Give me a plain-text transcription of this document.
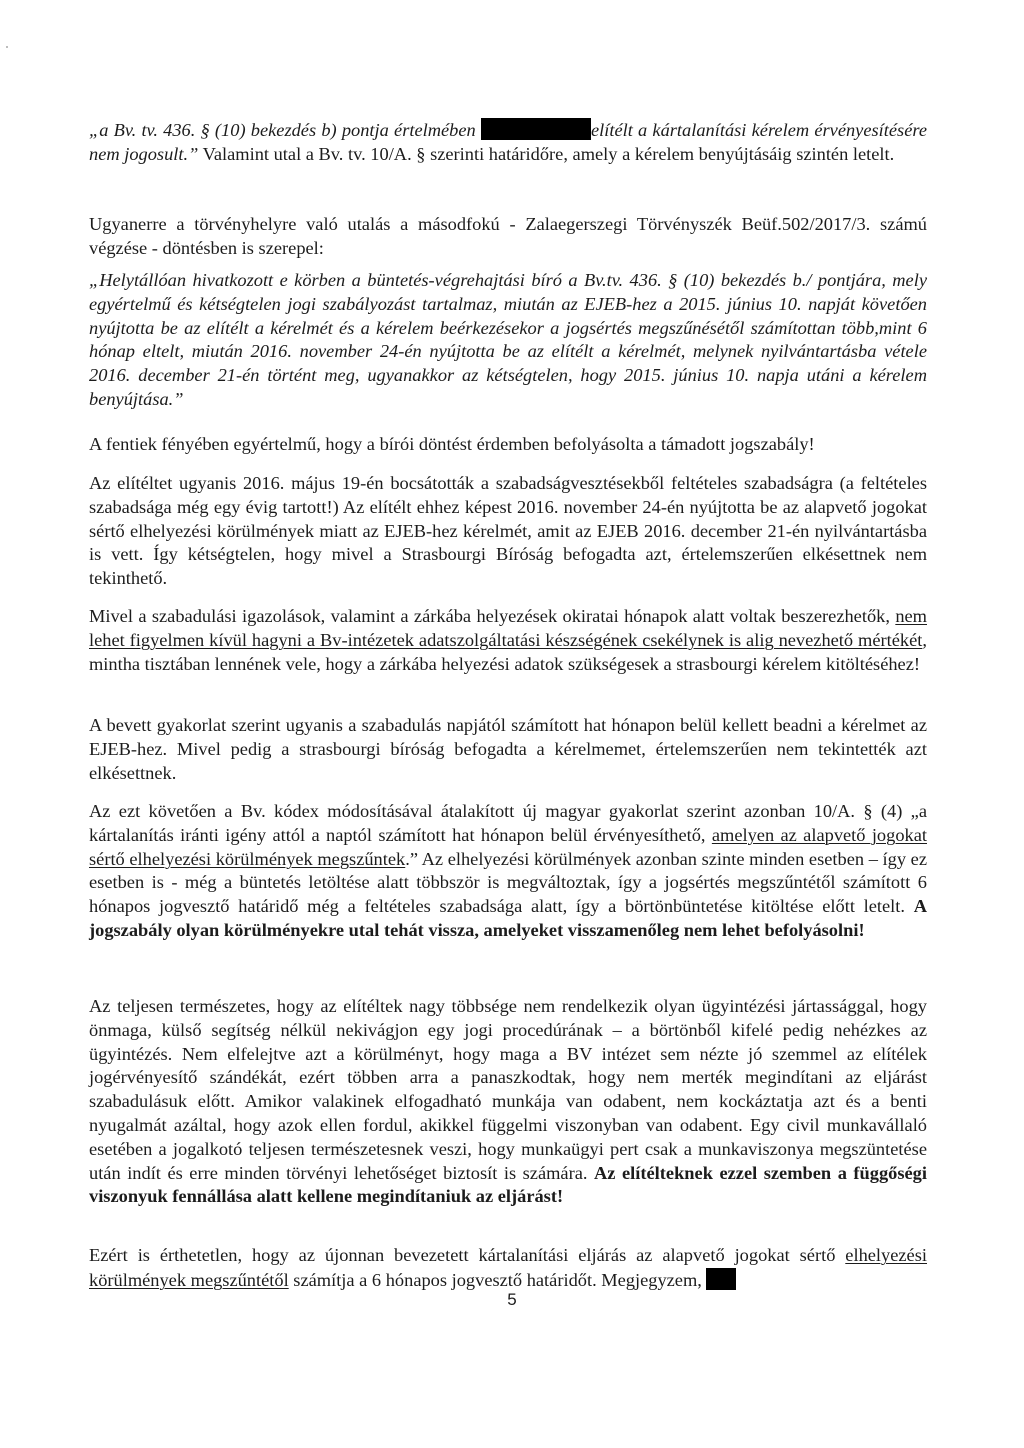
„a Bv. tv. 436. § (10) bekezdés b) pontja értelmében	elítélt a kártalanítási kérelem érvényesítésére nem jogosult.” Valamint utal a Bv. tv. 10/A. § szerinti határidőre, amely a kérelem benyújtásáig szintén letelt.
Ugyanerre a törvényhelyre való utalás a másodfokú - Zalaegerszegi Törvényszék Beüf.502/2017/3. számú végzése - döntésben is szerepel:
„Helytállóan hivatkozott e körben a büntetés-végrehajtási bíró a Bv.tv. 436. § (10) bekezdés b./ pontjára, mely egyértelmű és kétségtelen jogi szabályozást tartalmaz, miután az EJEB-hez a 2015. június 10. napját követően nyújtotta be az elítélt a kérelmét és a kérelem beérkezésekor a jogsértés megszűnésétől számítottan több,mint 6 hónap eltelt, miután 2016. november 24-én nyújtotta be az elítélt a kérelmét, melynek nyilvántartásba vétele 2016. december 21-én történt meg, ugyanakkor az kétségtelen, hogy 2015. június 10. napja utáni a kérelem benyújtása.”
A fentiek fényében egyértelmű, hogy a bírói döntést érdemben befolyásolta a támadott jogszabály!
Az elítéltet ugyanis 2016. május 19-én bocsátották a szabadságvesztésekből feltételes szabadságra (a feltételes szabadsága még egy évig tartott!) Az elítélt ehhez képest 2016. november 24-én nyújtotta be az alapvető jogokat sértő elhelyezési körülmények miatt az EJEB-hez kérelmét, amit az EJEB 2016. december 21-én nyilvántartásba is vett. Így kétségtelen, hogy mivel a Strasbourgi Bíróság befogadta azt, értelemszerűen elkésettnek nem tekinthető.
Mivel a szabadulási igazolások, valamint a zárkába helyezések okiratai hónapok alatt voltak beszerezhetők, nem lehet figyelmen kívül hagyni a Bv-intézetek adatszolgáltatási készségének csekélynek is alig nevezhető mértékét, mintha tisztában lennének vele, hogy a zárkába helyezési adatok szükségesek a strasbourgi kérelem kitöltéséhez!
A bevett gyakorlat szerint ugyanis a szabadulás napjától számított hat hónapon belül kellett beadni a kérelmet az EJEB-hez. Mivel pedig a strasbourgi bíróság befogadta a kérelmemet, értelemszerűen nem tekintették azt elkésettnek.
Az ezt követően a Bv. kódex módosításával átalakított új magyar gyakorlat szerint azonban 10/A. § (4) „a kártalanítás iránti igény attól a naptól számított hat hónapon belül érvényesíthető, amelyen az alapvető jogokat sértő elhelyezési körülmények megszűntek.” Az elhelyezési körülmények azonban szinte minden esetben – így ez esetben is - még a büntetés letöltése alatt többször is megváltoztak, így a jogsértés megszűntétől számított 6 hónapos jogvesztő határidő még a feltételes szabadsága alatt, így a börtönbüntetése kitöltése előtt letelt. A jogszabály olyan körülményekre utal tehát vissza, amelyeket visszamenőleg nem lehet befolyásolni!
Az teljesen természetes, hogy az elítéltek nagy többsége nem rendelkezik olyan ügyintézési jártassággal, hogy önmaga, külső segítség nélkül nekivágjon egy jogi procedúrának – a börtönből kifelé pedig nehézkes az ügyintézés. Nem elfelejtve azt a körülményt, hogy maga a BV intézet sem nézte jó szemmel az elítélek jogérvényesítő szándékát, ezért többen arra a panaszkodtak, hogy nem merték megindítani az eljárást szabadulásuk előtt. Amikor valakinek elfogadható munkája van odabent, nem kockáztatja azt és a benti nyugalmát azáltal, hogy azok ellen fordul, akikkel függelmi viszonyban van odabent. Egy civil munkavállaló esetében a jogalkotó teljesen természetesnek veszi, hogy munkaügyi pert csak a munkaviszonya megszüntetése után indít és erre minden törvényi lehetőséget biztosít is számára. Az elítélteknek ezzel szemben a függőségi viszonyuk fennállása alatt kellene megindítaniuk az eljárást!
Ezért is érthetetlen, hogy az újonnan bevezetett kártalanítási eljárás az alapvető jogokat sértő elhelyezési körülmények megszűntétől számítja a 6 hónapos jogvesztő határidőt. Megjegyzem,
5
